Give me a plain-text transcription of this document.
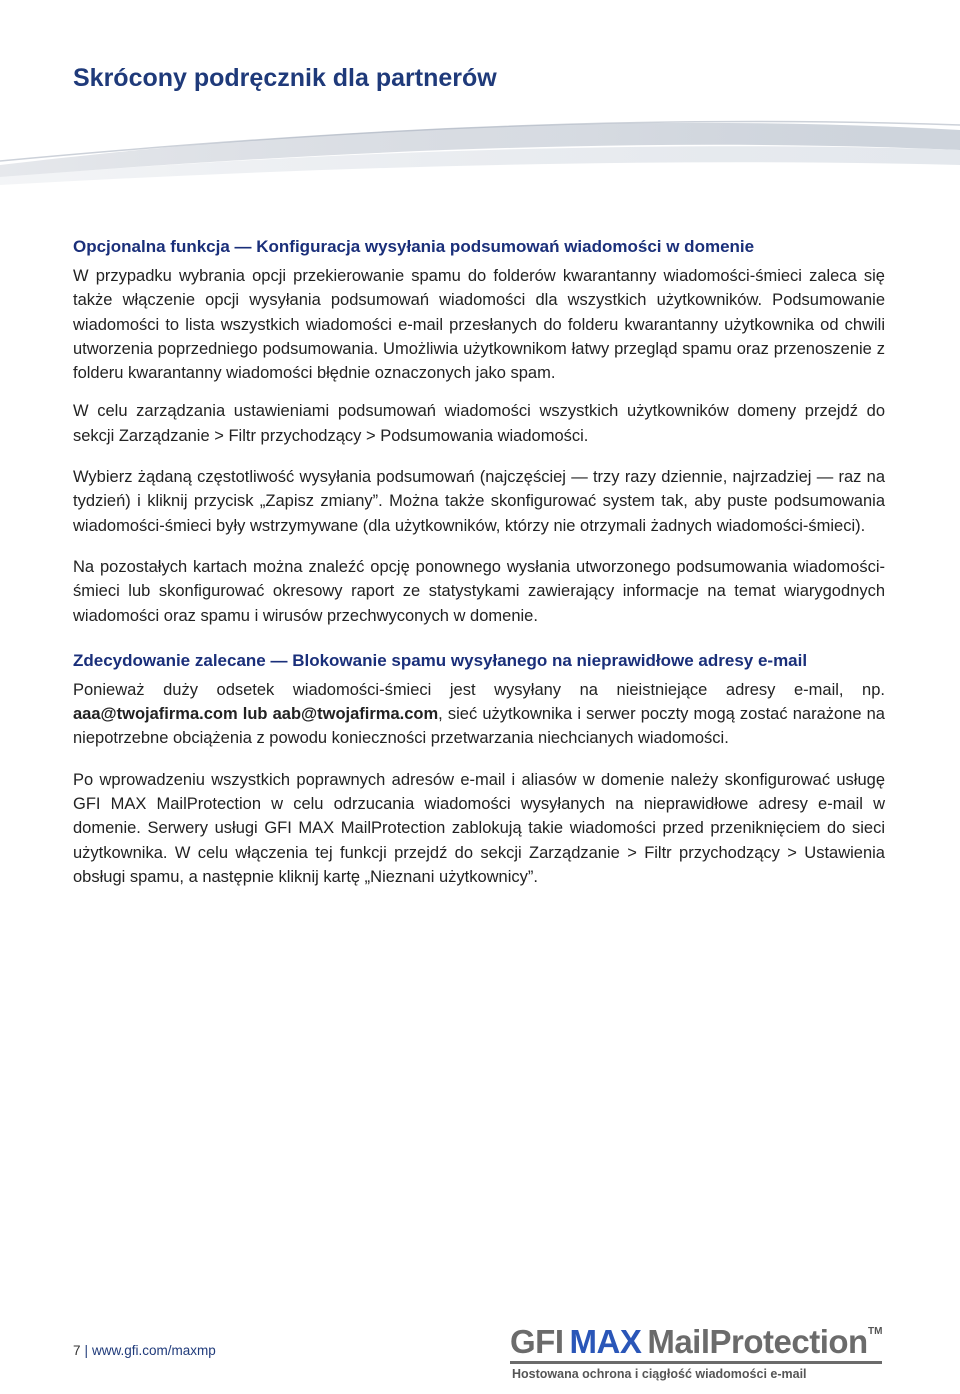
Skrócony podręcznik dla partnerów
Opcjonalna funkcja — Konfiguracja wysyłania podsumowań wiadomości w domenie

W przypadku wybrania opcji przekierowanie spamu do folderów kwarantanny wiadomości-śmieci zaleca się także włączenie opcji wysyłania podsumowań wiadomości dla wszystkich użytkowników. Podsumowanie wiadomości to lista wszystkich wiadomości e-mail przesłanych do folderu kwarantanny użytkownika od chwili utworzenia poprzedniego podsumowania. Umożliwia użytkownikom łatwy przegląd spamu oraz przenoszenie z folderu kwarantanny wiadomości błędnie oznaczonych jako spam.

W celu zarządzania ustawieniami podsumowań wiadomości wszystkich użytkowników domeny przejdź do sekcji Zarządzanie > Filtr przychodzący > Podsumowania wiadomości.

Wybierz żądaną częstotliwość wysyłania podsumowań (najczęściej — trzy razy dziennie, najrzadziej — raz na tydzień) i kliknij przycisk „Zapisz zmiany”. Można także skonfigurować system tak, aby puste podsumowania wiadomości-śmieci były wstrzymywane (dla użytkowników, którzy nie otrzymali żadnych wiadomości-śmieci).

Na pozostałych kartach można znaleźć opcję ponownego wysłania utworzonego podsumowania wiadomości-śmieci lub skonfigurować okresowy raport ze statystykami zawierający informacje na temat wiarygodnych wiadomości oraz spamu i wirusów przechwyconych w domenie.

Zdecydowanie zalecane — Blokowanie spamu wysyłanego na nieprawidłowe adresy e-mail

Ponieważ duży odsetek wiadomości-śmieci jest wysyłany na nieistniejące adresy e-mail, np. aaa@twojafirma.com lub aab@twojafirma.com, sieć użytkownika i serwer poczty mogą zostać narażone na niepotrzebne obciążenia z powodu konieczności przetwarzania niechcianych wiadomości.

Po wprowadzeniu wszystkich poprawnych adresów e-mail i aliasów w domenie należy skonfigurować usługę GFI MAX MailProtection w celu odrzucania wiadomości wysyłanych na nieprawidłowe adresy e-mail w domenie. Serwery usługi GFI MAX MailProtection zablokują takie wiadomości przed przeniknięciem do sieci użytkownika. W celu włączenia tej funkcji przejdź do sekcji Zarządzanie > Filtr przychodzący > Ustawienia obsługi spamu, a następnie kliknij kartę „Nieznani użytkownicy”.

7 | www.gfi.com/maxmp	GFI MAX MailProtection TM
Hostowana ochrona i ciągłość wiadomości e-mail
